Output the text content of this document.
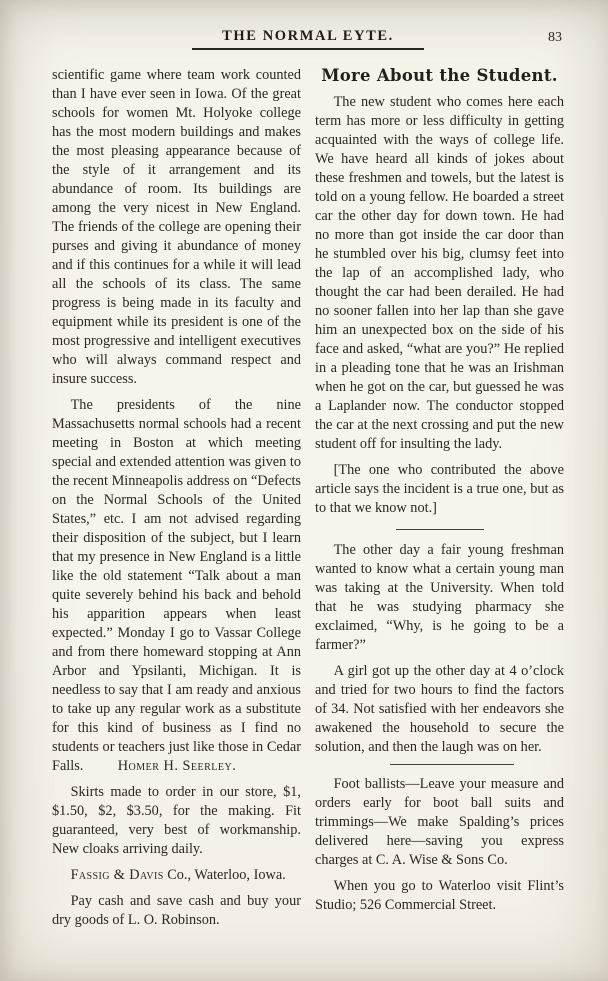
THE NORMAL EYTE.	83

scientific game where team work counted than I have ever seen in Iowa. Of the great schools for women Mt. Holyoke college has the most modern buildings and makes the most pleasing appearance because of the style of it arrangement and its abundance of room. Its buildings are among the very nicest in New England. The friends of the college are opening their purses and giving it abundance of money and if this continues for a while it will lead all the schools of its class. The same progress is being made in its faculty and equipment while its president is one of the most progressive and intelligent executives who will always command respect and insure success.

The presidents of the nine Massachusetts normal schools had a recent meeting in Boston at which meeting special and extended attention was given to the recent Minneapolis address on “Defects on the Normal Schools of the United States,” etc. I am not advised regarding their disposition of the subject, but I learn that my presence in New England is a little like the old statement “Talk about a man quite severely behind his back and behold his apparition appears when least expected.” Monday I go to Vassar College and from there homeward stopping at Ann Arbor and Ypsilanti, Michigan. It is needless to say that I am ready and anxious to take up any regular work as a substitute for this kind of business as I find no students or teachers just like those in Cedar Falls. Homer H. Seerley.

Skirts made to order in our store, $1, $1.50, $2, $3.50, for the making. Fit guaranteed, very best of workmanship. New cloaks arriving daily.

Fassig & Davis Co., Waterloo, Iowa.

Pay cash and save cash and buy your dry goods of L. O. Robinson.

More About the Student.

The new student who comes here each term has more or less difficulty in getting acquainted with the ways of college life. We have heard all kinds of jokes about these freshmen and towels, but the latest is told on a young fellow. He boarded a street car the other day for down town. He had no more than got inside the car door than he stumbled over his big, clumsy feet into the lap of an accomplished lady, who thought the car had been derailed. He had no sooner fallen into her lap than she gave him an unexpected box on the side of his face and asked, “what are you?” He replied in a pleading tone that he was an Irishman when he got on the car, but guessed he was a Laplander now. The conductor stopped the car at the next crossing and put the new student off for insulting the lady.

[The one who contributed the above article says the incident is a true one, but as to that we know not.]

The other day a fair young freshman wanted to know what a certain young man was taking at the University. When told that he was studying pharmacy she exclaimed, “Why, is he going to be a farmer?”

A girl got up the other day at 4 o’clock and tried for two hours to find the factors of 34. Not satisfied with her endeavors she awakened the household to secure the solution, and then the laugh was on her.

Foot ballists—Leave your measure and orders early for boot ball suits and trimmings—We make Spalding’s prices delivered here—saving you express charges at C. A. Wise & Sons Co.

When you go to Waterloo visit Flint’s Studio; 526 Commercial Street.
